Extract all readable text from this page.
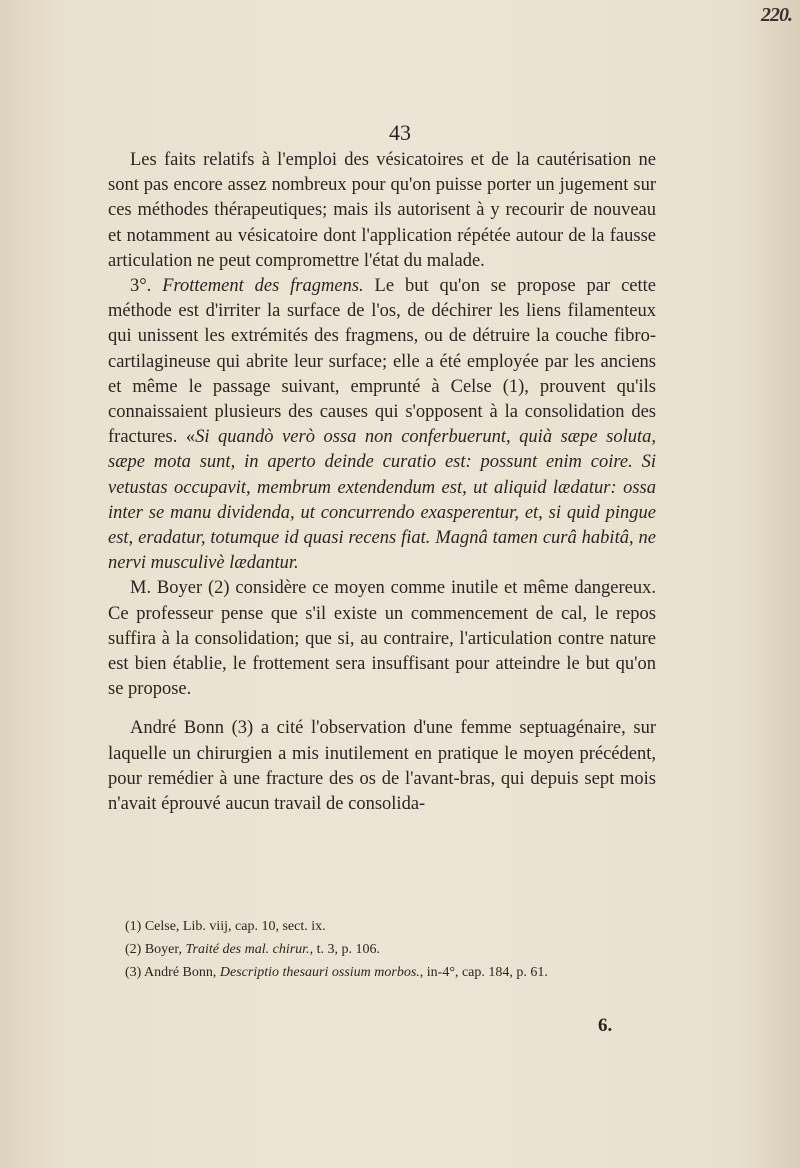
220.
43

Les faits relatifs à l'emploi des vésicatoires et de la cautérisation ne sont pas encore assez nombreux pour qu'on puisse porter un jugement sur ces méthodes thérapeutiques; mais ils autorisent à y recourir de nouveau et notamment au vésicatoire dont l'application répétée autour de la fausse articulation ne peut compromettre l'état du malade.

3°. Frottement des fragmens. Le but qu'on se propose par cette méthode est d'irriter la surface de l'os, de déchirer les liens filamenteux qui unissent les extrémités des fragmens, ou de détruire la couche fibro-cartilagineuse qui abrite leur surface; elle a été employée par les anciens et même le passage suivant, emprunté à Celse (1), prouvent qu'ils connaissaient plusieurs des causes qui s'opposent à la consolidation des fractures. «Si quandò verò ossa non conferbuerunt, quià sæpe soluta, sæpe mota sunt, in aperto deinde curatio est: possunt enim coire. Si vetustas occupavit, membrum extendendum est, ut aliquid lædatur: ossa inter se manu dividenda, ut concurrendo exasperentur, et, si quid pingue est, eradatur, totumque id quasi recens fiat. Magnâ tamen curâ habitâ, ne nervi musculivè lædantur.

M. Boyer (2) considère ce moyen comme inutile et même dangereux. Ce professeur pense que s'il existe un commencement de cal, le repos suffira à la consolidation; que si, au contraire, l'articulation contre nature est bien établie, le frottement sera insuffisant pour atteindre le but qu'on se propose.

André Bonn (3) a cité l'observation d'une femme septuagénaire, sur laquelle un chirurgien a mis inutilement en pratique le moyen précédent, pour remédier à une fracture des os de l'avant-bras, qui depuis sept mois n'avait éprouvé aucun travail de consolida-

(1) Celse, Lib. viij, cap. 10, sect. ix.
(2) Boyer, Traité des mal. chirur., t. 3, p. 106.
(3) André Bonn, Descriptio thesauri ossium morbos., in-4°, cap. 184, p. 61.
6.
